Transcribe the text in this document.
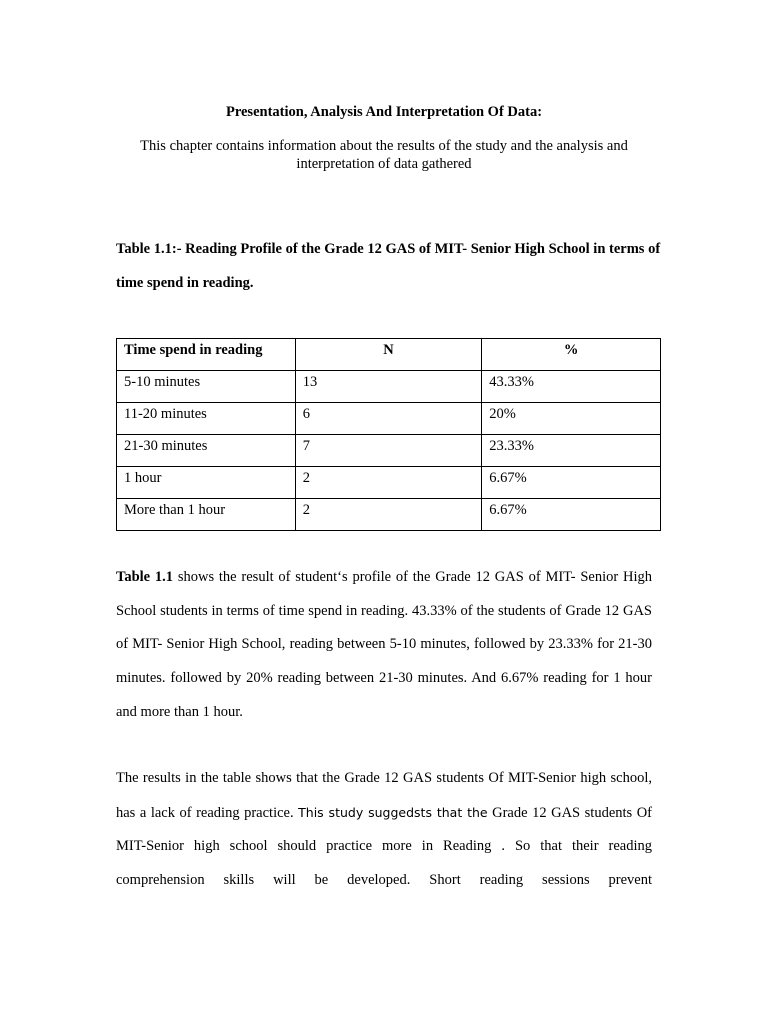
Presentation, Analysis And Interpretation Of Data:
This chapter contains information about the results of the study and the analysis and interpretation of data gathered
Table 1.1:- Reading Profile of the Grade 12 GAS of MIT- Senior High School in terms of time spend in reading.
Time spend in reading	N	%
5-10 minutes	13	43.33%
11-20 minutes	6	20%
21-30 minutes	7	23.33%
1 hour	2	6.67%
More than 1 hour	2	6.67%

Table 1.1 shows the result of student‘s profile of the Grade 12 GAS of MIT- Senior High School students in terms of time spend in reading. 43.33% of the students of Grade 12 GAS of MIT- Senior High School, reading between 5-10 minutes, followed by 23.33% for 21-30 minutes. followed by 20% reading between 21-30 minutes. And 6.67% reading for 1 hour and more than 1 hour.

The results in the table shows that the Grade 12 GAS students Of MIT-Senior high school, has a lack of reading practice. This study suggedsts that the Grade 12 GAS students Of MIT-Senior high school should practice more in Reading . So that their reading comprehension skills will be developed. Short reading sessions prevent
